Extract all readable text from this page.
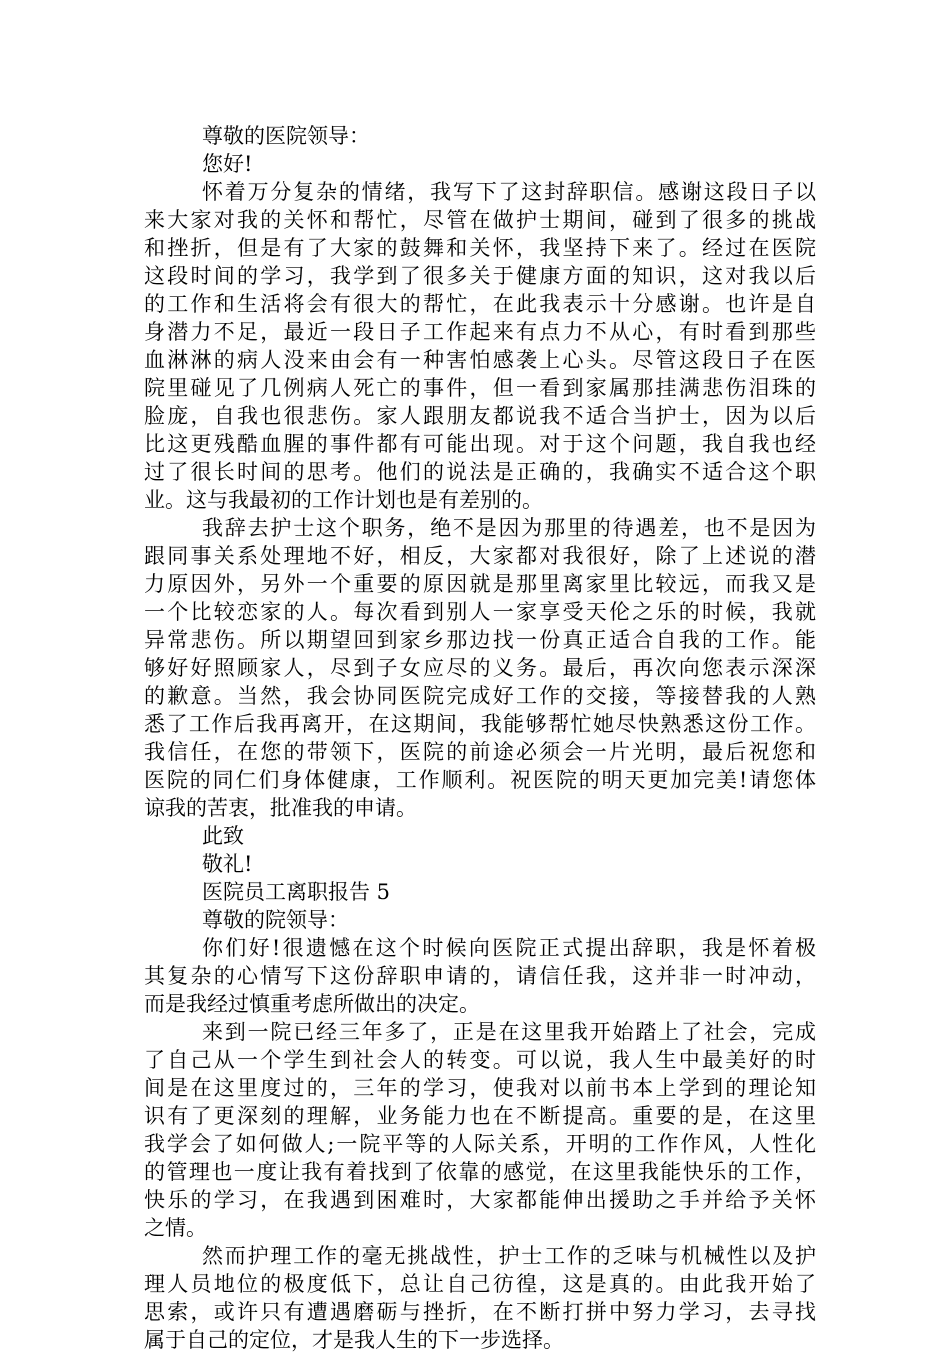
尊敬的医院领导：
您好!
怀着万分复杂的情绪，我写下了这封辞职信。感谢这段日子以
来大家对我的关怀和帮忙，尽管在做护士期间，碰到了很多的挑战
和挫折，但是有了大家的鼓舞和关怀，我坚持下来了。经过在医院
这段时间的学习，我学到了很多关于健康方面的知识，这对我以后
的工作和生活将会有很大的帮忙，在此我表示十分感谢。也许是自
身潜力不足，最近一段日子工作起来有点力不从心，有时看到那些
血淋淋的病人没来由会有一种害怕感袭上心头。尽管这段日子在医
院里碰见了几例病人死亡的事件，但一看到家属那挂满悲伤泪珠的
脸庞，自我也很悲伤。家人跟朋友都说我不适合当护士，因为以后
比这更残酷血腥的事件都有可能出现。对于这个问题，我自我也经
过了很长时间的思考。他们的说法是正确的，我确实不适合这个职
业。这与我最初的工作计划也是有差别的。
我辞去护士这个职务，绝不是因为那里的待遇差，也不是因为
跟同事关系处理地不好，相反，大家都对我很好，除了上述说的潜
力原因外，另外一个重要的原因就是那里离家里比较远，而我又是
一个比较恋家的人。每次看到别人一家享受天伦之乐的时候，我就
异常悲伤。所以期望回到家乡那边找一份真正适合自我的工作。能
够好好照顾家人，尽到子女应尽的义务。最后，再次向您表示深深
的歉意。当然，我会协同医院完成好工作的交接，等接替我的人熟
悉了工作后我再离开，在这期间，我能够帮忙她尽快熟悉这份工作。
我信任，在您的带领下，医院的前途必须会一片光明，最后祝您和
医院的同仁们身体健康，工作顺利。祝医院的明天更加完美!请您体
谅我的苦衷，批准我的申请。
此致
敬礼!
医院员工离职报告 5
尊敬的院领导：
你们好!很遗憾在这个时候向医院正式提出辞职，我是怀着极
其复杂的心情写下这份辞职申请的，请信任我，这并非一时冲动，
而是我经过慎重考虑所做出的决定。
来到一院已经三年多了，正是在这里我开始踏上了社会，完成
了自己从一个学生到社会人的转变。可以说，我人生中最美好的时
间是在这里度过的，三年的学习，使我对以前书本上学到的理论知
识有了更深刻的理解，业务能力也在不断提高。重要的是，在这里
我学会了如何做人;一院平等的人际关系，开明的工作作风，人性化
的管理也一度让我有着找到了依靠的感觉，在这里我能快乐的工作，
快乐的学习，在我遇到困难时，大家都能伸出援助之手并给予关怀
之情。
然而护理工作的毫无挑战性，护士工作的乏味与机械性以及护
理人员地位的极度低下，总让自己彷徨，这是真的。由此我开始了
思索，或许只有遭遇磨砺与挫折，在不断打拼中努力学习，去寻找
属于自己的定位，才是我人生的下一步选择。
